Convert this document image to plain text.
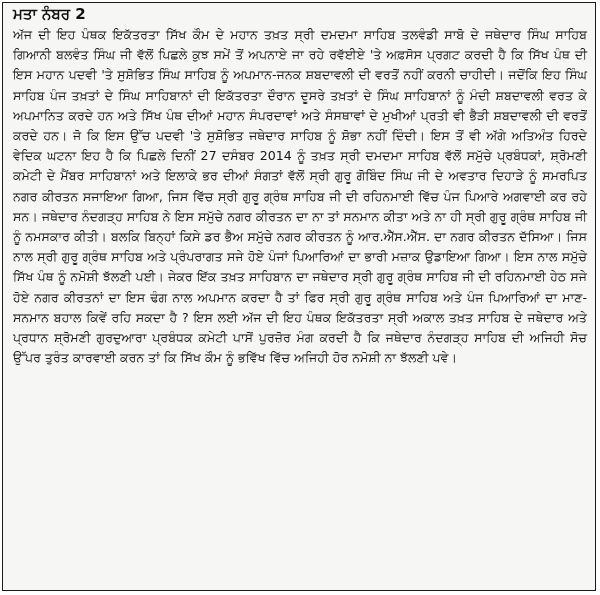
ਮਤਾ ਨੰਬਰ 2

ਅੱਜ ਦੀ ਇਹ ਪੰਥਕ ਇਕੱਤਰਤਾ ਸਿੱਖ ਕੌਮ ਦੇ ਮਹਾਨ ਤਖ਼ਤ ਸ੍ਰੀ ਦਮਦਮਾ ਸਾਹਿਬ ਤਲਵੰਡੀ ਸਾਬੋ ਦੇ ਜਥੇਦਾਰ ਸਿੰਘ ਸਾਹਿਬ ਗਿਆਨੀ ਬਲਵੰਤ ਸਿੰਘ ਜੀ ਵੱਲੋਂ ਪਿਛਲੇ ਕੁਝ ਸਮੇਂ ਤੋਂ ਅਪਨਾਏ ਜਾ ਰਹੇ ਰਵੱਈਏ 'ਤੇ ਅਫ਼ਸੋਸ ਪ੍ਰਗਟ ਕਰਦੀ ਹੈ ਕਿ ਸਿੱਖ ਪੰਥ ਦੀ ਇਸ ਮਹਾਨ ਪਦਵੀ 'ਤੇ ਸੁਸ਼ੋਭਿਤ ਸਿੰਘ ਸਾਹਿਬ ਨੂੰ ਅਪਮਾਨ-ਜਨਕ ਸ਼ਬਦਾਵਲੀ ਦੀ ਵਰਤੋਂ ਨਹੀਂ ਕਰਨੀ ਚਾਹੀਦੀ। ਜਦੋਂਕਿ ਇਹ ਸਿੰਘ ਸਾਹਿਬ ਪੰਜ ਤਖ਼ਤਾਂ ਦੇ ਸਿੰਘ ਸਾਹਿਬਾਨਾਂ ਦੀ ਇਕੱਤਰਤਾ ਦੌਰਾਨ ਦੂਸਰੇ ਤਖ਼ਤਾਂ ਦੇ ਸਿੰਘ ਸਾਹਿਬਾਨਾਂ ਨੂੰ ਮੰਦੀ ਸ਼ਬਦਾਵਲੀ ਵਰਤ ਕੇ ਅਪਮਾਨਿਤ ਕਰਦੇ ਹਨ ਅਤੇ ਸਿੱਖ ਪੰਥ ਦੀਆਂ ਮਹਾਨ ਸੰਪਰਦਾਵਾਂ ਅਤੇ ਸੰਸਥਾਵਾਂ ਦੇ ਮੁਖੀਆਂ ਪ੍ਰਤੀ ਵੀ ਭੈੜੀ ਸ਼ਬਦਾਵਲੀ ਦੀ ਵਰਤੋਂ ਕਰਦੇ ਹਨ। ਜੋ ਕਿ ਇਸ ਉੱਚ ਪਦਵੀ 'ਤੇ ਸੁਸ਼ੋਭਿਤ ਜਥੇਦਾਰ ਸਾਹਿਬ ਨੂੰ ਸ਼ੋਭਾ ਨਹੀਂ ਦਿੰਦੀ। ਇਸ ਤੋਂ ਵੀ ਅੱਗੇ ਅਤਿਅੰਤ ਹਿਰਦੇ ਵੇਦਿਕ ਘਟਨਾ ਇਹ ਹੈ ਕਿ ਪਿਛਲੇ ਦਿਨੀਂ 27 ਦਸੰਬਰ 2014 ਨੂੰ ਤਖ਼ਤ ਸ੍ਰੀ ਦਮਦਮਾ ਸਾਹਿਬ ਵੱਲੋਂ ਸਮੁੱਚੇ ਪ੍ਰਬੰਧਕਾਂ, ਸ਼੍ਰੋਮਣੀ ਕਮੇਟੀ ਦੇ ਮੈਂਬਰ ਸਾਹਿਬਾਨਾਂ ਅਤੇ ਇਲਾਕੇ ਭਰ ਦੀਆਂ ਸੰਗਤਾਂ ਵੱਲੋਂ ਸ੍ਰੀ ਗੁਰੂ ਗੋਬਿੰਦ ਸਿੰਘ ਜੀ ਦੇ ਅਵਤਾਰ ਦਿਹਾੜੇ ਨੂੰ ਸਮਰਪਿਤ ਨਗਰ ਕੀਰਤਨ ਸਜਾਇਆ ਗਿਆ, ਜਿਸ ਵਿੱਚ ਸ੍ਰੀ ਗੁਰੂ ਗ੍ਰੰਥ ਸਾਹਿਬ ਜੀ ਦੀ ਰਹਿਨਮਾਈ ਵਿੱਚ ਪੰਜ ਪਿਆਰੇ ਅਗਵਾਈ ਕਰ ਰਹੇ ਸਨ। ਜਥੇਦਾਰ ਨੰਦਗੜ੍ਹ ਸਾਹਿਬ ਨੇ ਇਸ ਸਮੁੱਚੇ ਨਗਰ ਕੀਰਤਨ ਦਾ ਨਾ ਤਾਂ ਸਨਮਾਨ ਕੀਤਾ ਅਤੇ ਨਾ ਹੀ ਸ੍ਰੀ ਗੁਰੂ ਗ੍ਰੰਥ ਸਾਹਿਬ ਜੀ ਨੂੰ ਨਮਸਕਾਰ ਕੀਤੀ। ਬਲਕਿ ਬਿਨ੍ਹਾਂ ਕਿਸੇ ਡਰ ਭੈਅ ਸਮੁੱਚੇ ਨਗਰ ਕੀਰਤਨ ਨੂੰ ਆਰ.ਐੱਸ.ਐੱਸ. ਦਾ ਨਗਰ ਕੀਰਤਨ ਦੱਸਿਆ। ਜਿਸ ਨਾਲ ਸ੍ਰੀ ਗੁਰੂ ਗ੍ਰੰਥ ਸਾਹਿਬ ਅਤੇ ਪ੍ਰੰਪਰਾਗਤ ਸਜੇ ਹੋਏ ਪੰਜਾਂ ਪਿਆਰਿਆਂ ਦਾ ਭਾਰੀ ਮਜ਼ਾਕ ਉਡਾਇਆ ਗਿਆ। ਇਸ ਨਾਲ ਸਮੁੱਚੇ ਸਿੱਖ ਪੰਥ ਨੂੰ ਨਮੋਸ਼ੀ ਝੱਲਣੀ ਪਈ। ਜੇਕਰ ਇੱਕ ਤਖ਼ਤ ਸਾਹਿਬਾਨ ਦਾ ਜਥੇਦਾਰ ਸ੍ਰੀ ਗੁਰੂ ਗ੍ਰੰਥ ਸਾਹਿਬ ਜੀ ਦੀ ਰਹਿਨਮਾਈ ਹੇਠ ਸਜੇ ਹੋਏ ਨਗਰ ਕੀਰਤਨਾਂ ਦਾ ਇਸ ਢੰਗ ਨਾਲ ਅਪਮਾਨ ਕਰਦਾ ਹੈ ਤਾਂ ਫਿਰ ਸ੍ਰੀ ਗੁਰੂ ਗ੍ਰੰਥ ਸਾਹਿਬ ਅਤੇ ਪੰਜ ਪਿਆਰਿਆਂ ਦਾ ਮਾਣ-ਸਨਮਾਨ ਬਹਾਲ ਕਿਵੇਂ ਰਹਿ ਸਕਦਾ ਹੈ ? ਇਸ ਲਈ ਅੱਜ ਦੀ ਇਹ ਪੰਥਕ ਇਕੱਤਰਤਾ ਸ੍ਰੀ ਅਕਾਲ ਤਖ਼ਤ ਸਾਹਿਬ ਦੇ ਜਥੇਦਾਰ ਅਤੇ ਪ੍ਰਧਾਨ ਸ਼੍ਰੋਮਣੀ ਗੁਰਦੁਆਰਾ ਪ੍ਰਬੰਧਕ ਕਮੇਟੀ ਪਾਸੋਂ ਪੁਰਜ਼ੋਰ ਮੰਗ ਕਰਦੀ ਹੈ ਕਿ ਜਥੇਦਾਰ ਨੰਦਗੜ੍ਹ ਸਾਹਿਬ ਦੀ ਅਜਿਹੀ ਸੋਚ ਉੱਪਰ ਤੁਰੰਤ ਕਾਰਵਾਈ ਕਰਨ ਤਾਂ ਕਿ ਸਿੱਖ ਕੌਮ ਨੂੰ ਭਵਿੱਖ ਵਿੱਚ ਅਜਿਹੀ ਹੋਰ ਨਮੋਸ਼ੀ ਨਾ ਝੱਲਣੀ ਪਵੇ।
